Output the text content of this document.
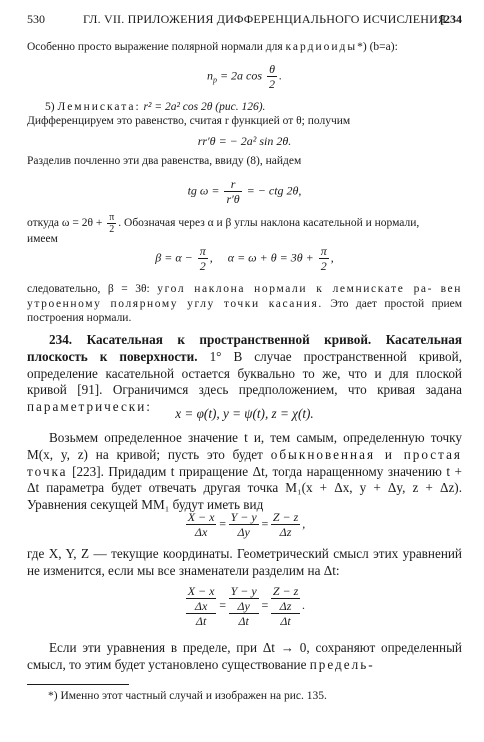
530	ГЛ. VII. ПРИЛОЖЕНИЯ ДИФФЕРЕНЦИАЛЬНОГО ИСЧИСЛЕНИЯ
[234
Особенно просто выражение полярной нормали для кардиоиды*) (b=a):
$n_p = 2a$ $\cos \frac{\theta}{2}$ .
5) Лемниската: r² = 2a² cos 2θ (рис. 126).
Дифференцируем это равенство, считая r функцией от θ; получим
rr′θ = − 2a² sin 2θ.
Разделив почленно эти два равенства, ввиду (8), найдем
tg $\omega = \frac{r}{r'\theta}$ = − ctg 2θ,
откуда $\omega = 2\theta + \frac{\pi}{2}$ . Обозначая через α и β углы наклона касательной и нормали,
имеем
$\beta = \alpha - \frac{\pi}{2}$ ,     $\alpha = \omega + \theta = 3\theta + \frac{\pi}{2}$ ,
следовательно, β = 3θ: угол наклона нормали к лемнискате ра- вен утроенному полярному углу точки касания. Это дает простой прием построения нормали.
234. Касательная к пространственной кривой. Касательная плоскость к поверхности. 1° В случае пространственной кривой, определение касательной остается буквально то же, что и для плоской кривой [91]. Ограничимся здесь предположением, что кривая задана параметрически:	x = φ(t), y = ψ(t), z = χ(t).
Возьмем определенное значение t и, тем самым, определенную точку M(x, y, z) на кривой; пусть это будет обыкновенная и простая точка [223]. Придадим t приращение Δt, тогда наращенному значению t + Δt параметра будет отвечать другая точка M₁(x + Δx, y + Δy, z + Δz). Уравнения секущей MM₁ будут иметь вид
$\frac{X - x}{\Delta x} = \frac{Y - y}{\Delta y} = \frac{Z - z}{\Delta z}$ ,
где X, Y, Z — текущие координаты. Геометрический смысл этих уравнений не изменится, если мы все знаменатели разделим на Δt:
X − x
Δx
Δt
=
Y − y
Δy
Δt
=
Z − z
Δz
Δt
.
Если эти уравнения в пределе, при Δt → 0, сохраняют определенный смысл, то этим будет установлено существование предель-
*) Именно этот частный случай и изображен на рис. 135.
